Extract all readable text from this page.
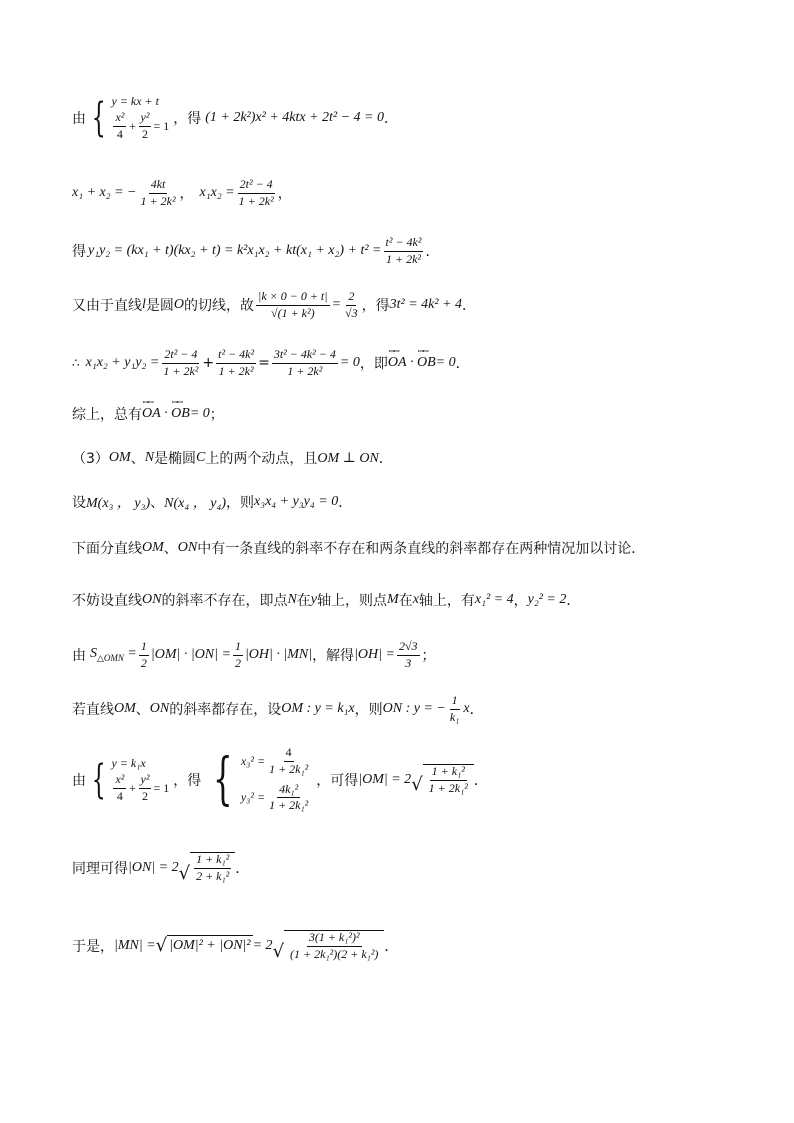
由 { y = kx + t
$\frac{\text{x²}}{4} + \frac{\text{y²}}{2} = 1$ ，得 (1 + 2k²)x² + 4ktx + 2t² − 4 = 0 ．
x₁ + x₂ = − $\frac{4kt}{\text{1 + 2k²}}$ ， $x_1x_2 = \frac{\text{2t² − 4}}{\text{1 + 2k²}}$ ，
得 $y_1y_2 = (kx_1 + t)(kx_2 + t) = k^2x_1x_2 + kt(x_1 + x_2) + t^2 = \frac{\text{t² − 4k²}}{\text{1 + 2k²}}$ ．
又由于直线 l 是圆 O 的切线，故 $\frac{|k \times 0 - 0 + t|}{\text{√(1 + k²)}} = \frac{2}{√3}$ ，得 3t² = 4k² + 4 ．
∴ $x_1x_2 + y_1y_2 = \frac{\text{2t² − 4}}{\text{1 + 2k²}} + \frac{\text{t² − 4k²}}{\text{1 + 2k²}} = \frac{\text{3t² − 4k² − 4}}{\text{1 + 2k²}} = 0$ ，即 ꟷꟷ OA · ꟷꟷ OB = 0 ．
综上，总有 ꟷꟷ OA · ꟷꟷ OB = 0 ；
（3） OM 、 N 是椭圆 C 上的两个动点，且 OM ⊥ ON ．
设 M(x₃ ， y₃) 、 N(x₄ ， y₄) ，则 x₃x₄ + y₃y₄ = 0 ．
下面分直线 OM 、 ON 中有一条直线的斜率不存在和两条直线的斜率都存在两种情况加以讨论．
不妨设直线 ON 的斜率不存在，即点 N 在 y 轴上，则点 M 在 x 轴上，有 x₁² = 4 ， y₂² = 2 ．
由 $S_{\triangle OMN} = \frac{1}{2} |OM| \cdot |ON| = \frac{1}{2} |OH| \cdot |MN|$ ，解得 $|OH| = \frac{2√3}{3}$ ；
若直线 OM 、 ON 的斜率都存在，设 OM : y = k₁x ，则 ON : y = − $\frac{1}{\text{k₁}}$ x ．
由 { y = k₁x
$\frac{\text{x²}}{4} + \frac{\text{y²}}{2} = 1$ ，得 { $x_3^2 = \frac{4}{\text{1 + 2k₁²}}$
$y_3^2 = \frac{\text{4k₁²}}{\text{1 + 2k₁²}}$
，可得 |OM| = 2 √ $\frac{\text{1 + k₁²}}{\text{1 + 2k₁²}}$ ．
同理可得 |ON| = 2 √ $\frac{\text{1 + k₁²}}{\text{2 + k₁²}}$ ．
于是， |MN| = √ |OM|² + |ON|² = 2 √ $\frac{\text{3(1 + k₁²)²}}{\text{(1 + 2k₁²)(2 + k₁²)}}$ ．
